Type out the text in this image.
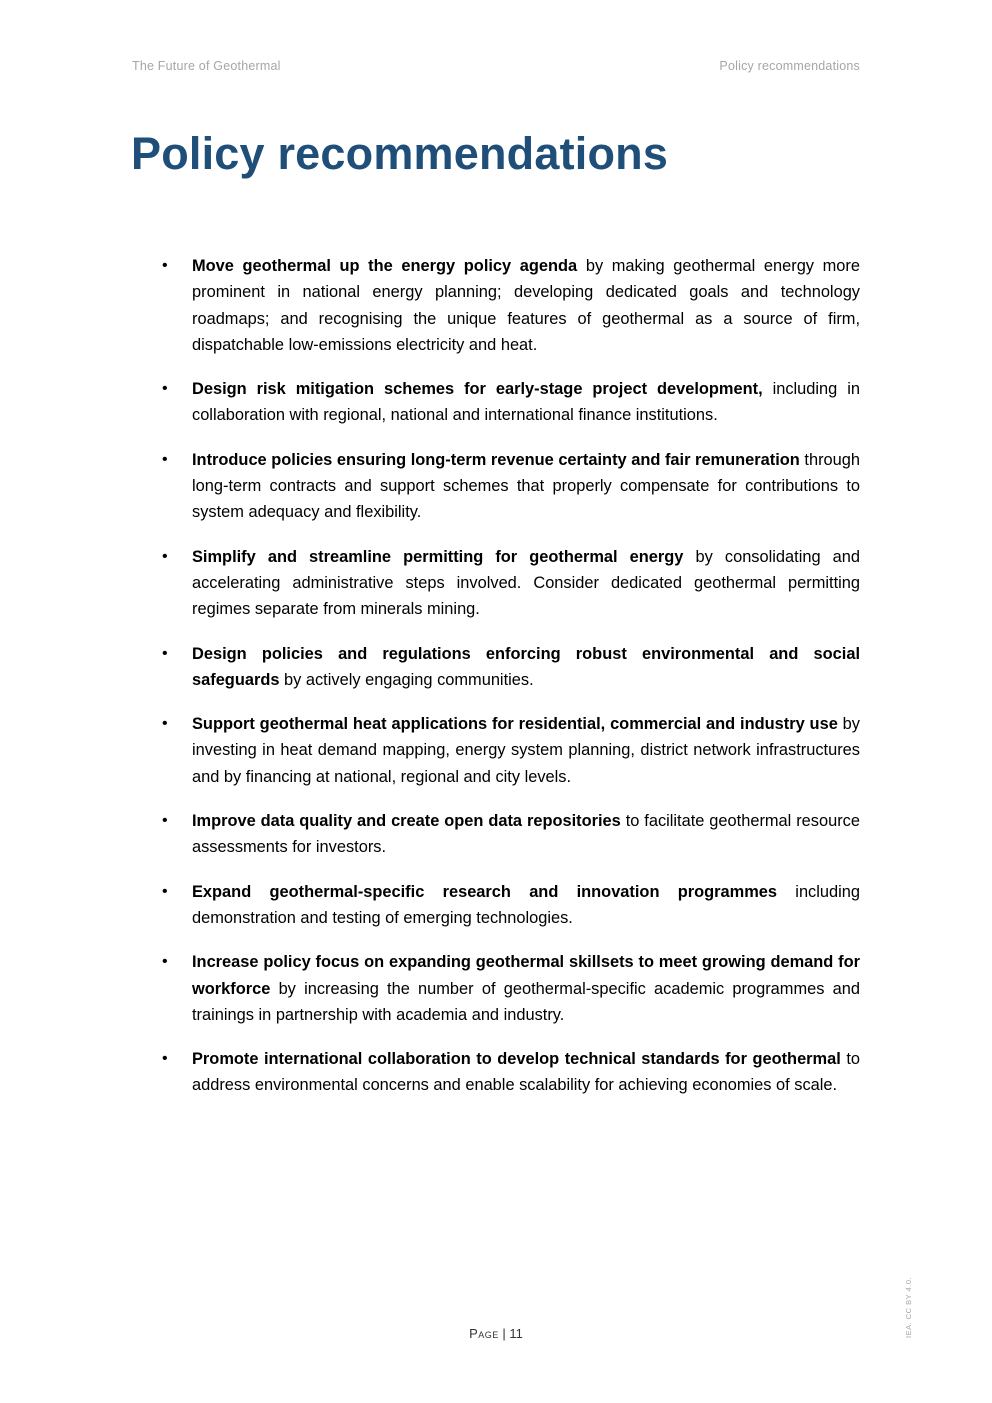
The Future of Geothermal	Policy recommendations
Policy recommendations
• Move geothermal up the energy policy agenda by making geothermal energy more prominent in national energy planning; developing dedicated goals and technology roadmaps; and recognising the unique features of geothermal as a source of firm, dispatchable low-emissions electricity and heat.
• Design risk mitigation schemes for early-stage project development, including in collaboration with regional, national and international finance institutions.
• Introduce policies ensuring long-term revenue certainty and fair remuneration through long-term contracts and support schemes that properly compensate for contributions to system adequacy and flexibility.
• Simplify and streamline permitting for geothermal energy by consolidating and accelerating administrative steps involved. Consider dedicated geothermal permitting regimes separate from minerals mining.
• Design policies and regulations enforcing robust environmental and social safeguards by actively engaging communities.
• Support geothermal heat applications for residential, commercial and industry use by investing in heat demand mapping, energy system planning, district network infrastructures and by financing at national, regional and city levels.
• Improve data quality and create open data repositories to facilitate geothermal resource assessments for investors.
• Expand geothermal-specific research and innovation programmes including demonstration and testing of emerging technologies.
• Increase policy focus on expanding geothermal skillsets to meet growing demand for workforce by increasing the number of geothermal-specific academic programmes and trainings in partnership with academia and industry.
• Promote international collaboration to develop technical standards for geothermal to address environmental concerns and enable scalability for achieving economies of scale.
Page | 11	IEA. CC BY 4.0.
